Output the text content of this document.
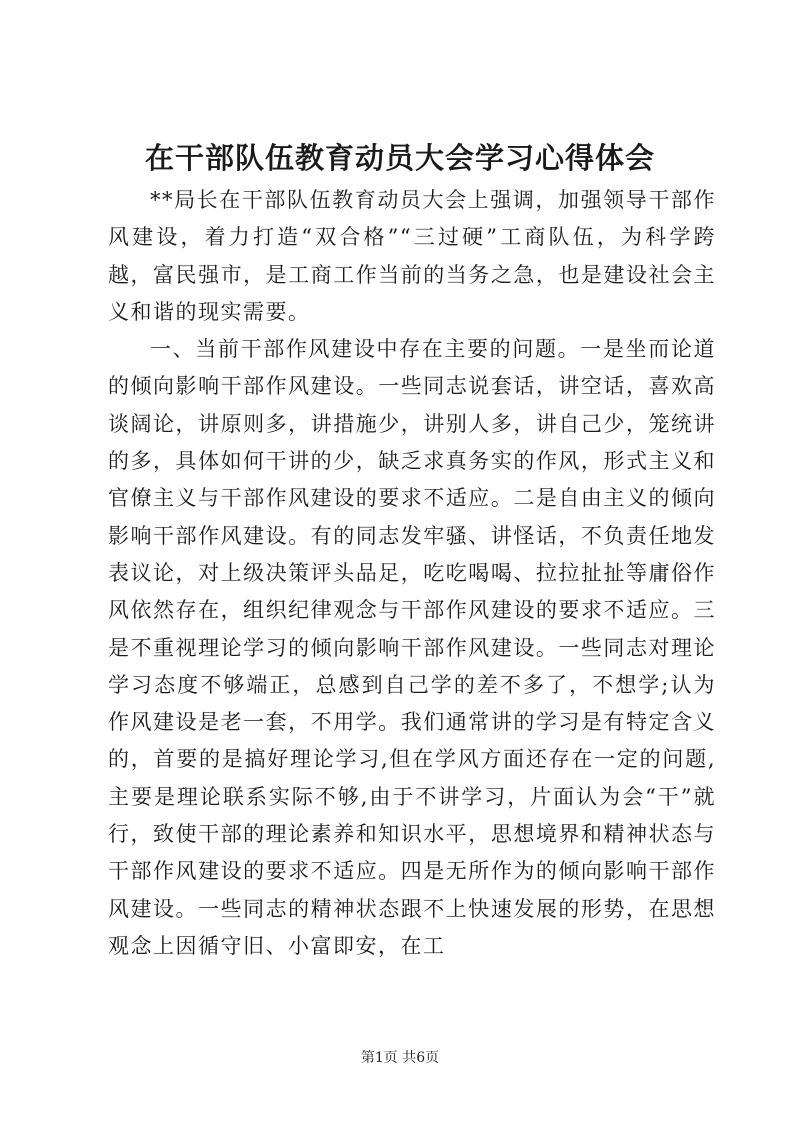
在干部队伍教育动员大会学习心得体会

**局长在干部队伍教育动员大会上强调，加强领导干部作风建设，着力打造“双合格”“三过硬”工商队伍，为科学跨越，富民强市，是工商工作当前的当务之急，也是建设社会主义和谐的现实需要。

一、当前干部作风建设中存在主要的问题。一是坐而论道的倾向影响干部作风建设。一些同志说套话，讲空话，喜欢高谈阔论，讲原则多，讲措施少，讲别人多，讲自己少，笼统讲的多，具体如何干讲的少，缺乏求真务实的作风，形式主义和官僚主义与干部作风建设的要求不适应。二是自由主义的倾向影响干部作风建设。有的同志发牢骚、讲怪话，不负责任地发表议论，对上级决策评头品足，吃吃喝喝、拉拉扯扯等庸俗作风依然存在，组织纪律观念与干部作风建设的要求不适应。三是不重视理论学习的倾向影响干部作风建设。一些同志对理论学习态度不够端正，总感到自己学的差不多了，不想学;认为作风建设是老一套，不用学。我们通常讲的学习是有特定含义的，首要的是搞好理论学习,但在学风方面还存在一定的问题,主要是理论联系实际不够,由于不讲学习，片面认为会“干”就行，致使干部的理论素养和知识水平，思想境界和精神状态与干部作风建设的要求不适应。四是无所作为的倾向影响干部作风建设。一些同志的精神状态跟不上快速发展的形势，在思想观念上因循守旧、小富即安，在工

第1页 共6页
